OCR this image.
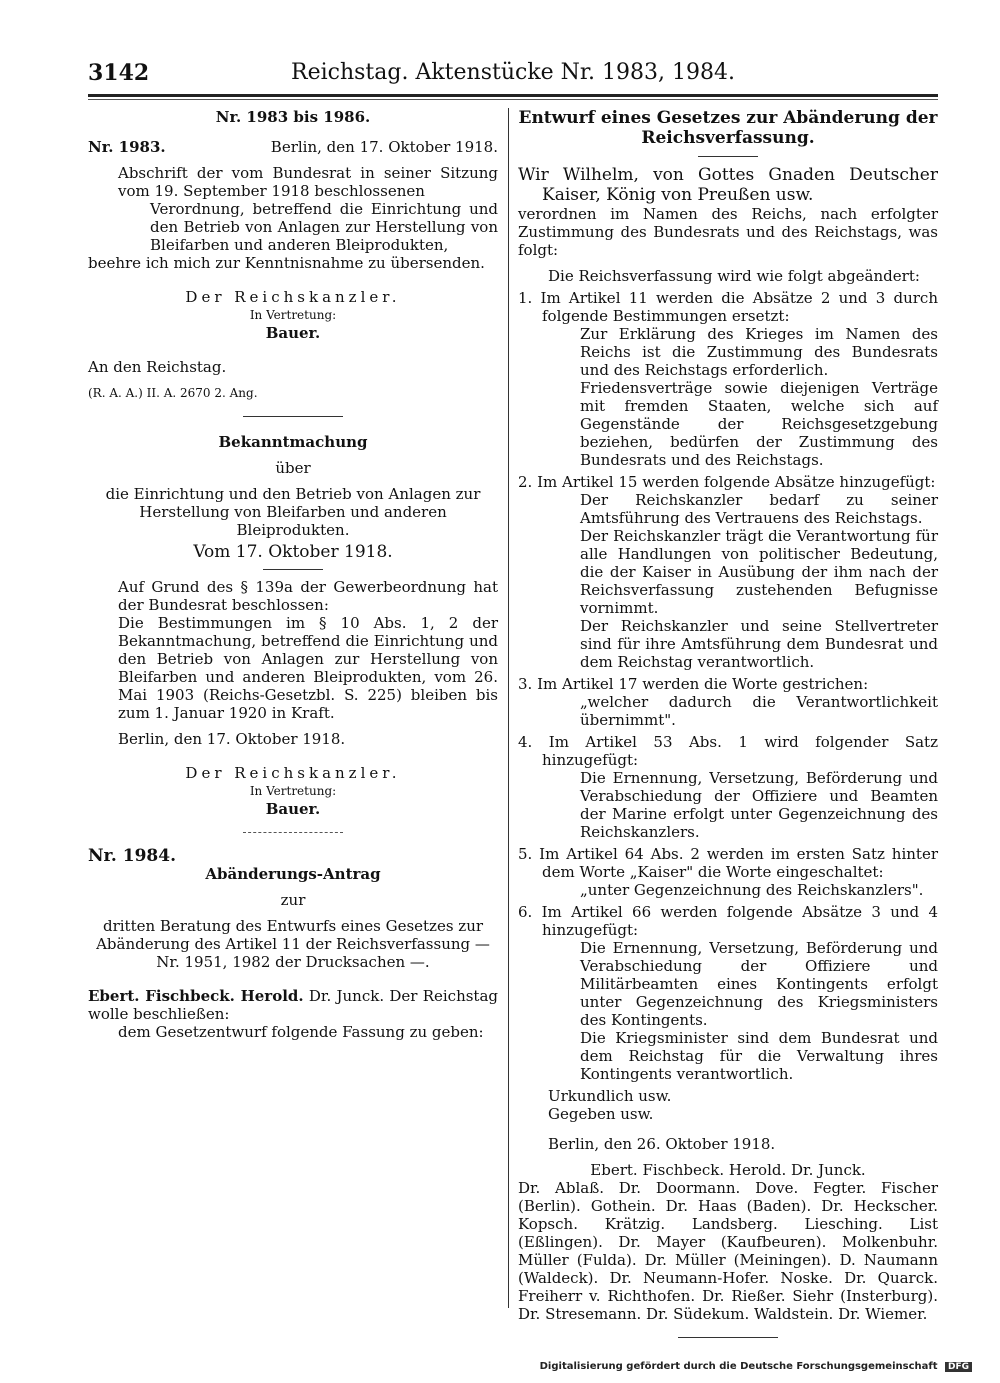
3142	Reichstag. Aktenstücke Nr. 1983, 1984.

Nr. 1983 bis 1986.

Nr. 1983.	Berlin, den 17. Oktober 1918.

Abschrift der vom Bundesrat in seiner Sitzung vom 19. September 1918 beschlossenen

Verordnung, betreffend die Einrichtung und den Betrieb von Anlagen zur Herstellung von Bleifarben und anderen Bleiprodukten,

beehre ich mich zur Kenntnisnahme zu übersenden.

Der Reichskanzler.

In Vertretung:

Bauer.

An den Reichstag.

(R. A. A.) II. A. 2670 2. Ang.

Bekanntmachung

über

die Einrichtung und den Betrieb von Anlagen zur Herstellung von Bleifarben und anderen Bleiprodukten.

Vom 17. Oktober 1918.

Auf Grund des § 139a der Gewerbeordnung hat der Bundesrat beschlossen:

Die Bestimmungen im § 10 Abs. 1, 2 der Bekanntmachung, betreffend die Einrichtung und den Betrieb von Anlagen zur Herstellung von Bleifarben und anderen Bleiprodukten, vom 26. Mai 1903 (Reichs-Gesetzbl. S. 225) bleiben bis zum 1. Januar 1920 in Kraft.

Berlin, den 17. Oktober 1918.

Der Reichskanzler.

In Vertretung:

Bauer.

Nr. 1984.

Abänderungs-Antrag

zur

dritten Beratung des Entwurfs eines Gesetzes zur Abänderung des Artikel 11 der Reichsverfassung — Nr. 1951, 1982 der Drucksachen —.

Ebert. Fischbeck. Herold. Dr. Junck. Der Reichstag wolle beschließen:

dem Gesetzentwurf folgende Fassung zu geben:

Entwurf eines Gesetzes zur Abänderung der Reichsverfassung.

Wir Wilhelm, von Gottes Gnaden Deutscher Kaiser, König von Preußen usw.

verordnen im Namen des Reichs, nach erfolgter Zustimmung des Bundesrats und des Reichstags, was folgt:

Die Reichsverfassung wird wie folgt abgeändert:

1. Im Artikel 11 werden die Absätze 2 und 3 durch folgende Bestimmungen ersetzt:

Zur Erklärung des Krieges im Namen des Reichs ist die Zustimmung des Bundesrats und des Reichstags erforderlich.

Friedensverträge sowie diejenigen Verträge mit fremden Staaten, welche sich auf Gegenstände der Reichsgesetzgebung beziehen, bedürfen der Zustimmung des Bundesrats und des Reichstags.

2. Im Artikel 15 werden folgende Absätze hinzugefügt:

Der Reichskanzler bedarf zu seiner Amtsführung des Vertrauens des Reichstags.

Der Reichskanzler trägt die Verantwortung für alle Handlungen von politischer Bedeutung, die der Kaiser in Ausübung der ihm nach der Reichsverfassung zustehenden Befugnisse vornimmt.

Der Reichskanzler und seine Stellvertreter sind für ihre Amtsführung dem Bundesrat und dem Reichstag verantwortlich.

3. Im Artikel 17 werden die Worte gestrichen:

„welcher dadurch die Verantwortlichkeit übernimmt".

4. Im Artikel 53 Abs. 1 wird folgender Satz hinzugefügt:

Die Ernennung, Versetzung, Beförderung und Verabschiedung der Offiziere und Beamten der Marine erfolgt unter Gegenzeichnung des Reichskanzlers.

5. Im Artikel 64 Abs. 2 werden im ersten Satz hinter dem Worte „Kaiser" die Worte eingeschaltet:

„unter Gegenzeichnung des Reichskanzlers".

6. Im Artikel 66 werden folgende Absätze 3 und 4 hinzugefügt:

Die Ernennung, Versetzung, Beförderung und Verabschiedung der Offiziere und Militärbeamten eines Kontingents erfolgt unter Gegenzeichnung des Kriegsministers des Kontingents.

Die Kriegsminister sind dem Bundesrat und dem Reichstag für die Verwaltung ihres Kontingents verantwortlich.

Urkundlich usw.

Gegeben usw.

Berlin, den 26. Oktober 1918.

Ebert. Fischbeck. Herold. Dr. Junck.

Dr. Ablaß. Dr. Doormann. Dove. Fegter. Fischer (Berlin). Gothein. Dr. Haas (Baden). Dr. Heckscher. Kopsch. Krätzig. Landsberg. Liesching. List (Eßlingen). Dr. Mayer (Kaufbeuren). Molkenbuhr. Müller (Fulda). Dr. Müller (Meiningen). D. Naumann (Waldeck). Dr. Neumann-Hofer. Noske. Dr. Quarck. Freiherr v. Richthofen. Dr. Rießer. Siehr (Insterburg). Dr. Stresemann. Dr. Südekum. Waldstein. Dr. Wiemer.

Digitalisierung gefördert durch die Deutsche Forschungsgemeinschaft DFG
